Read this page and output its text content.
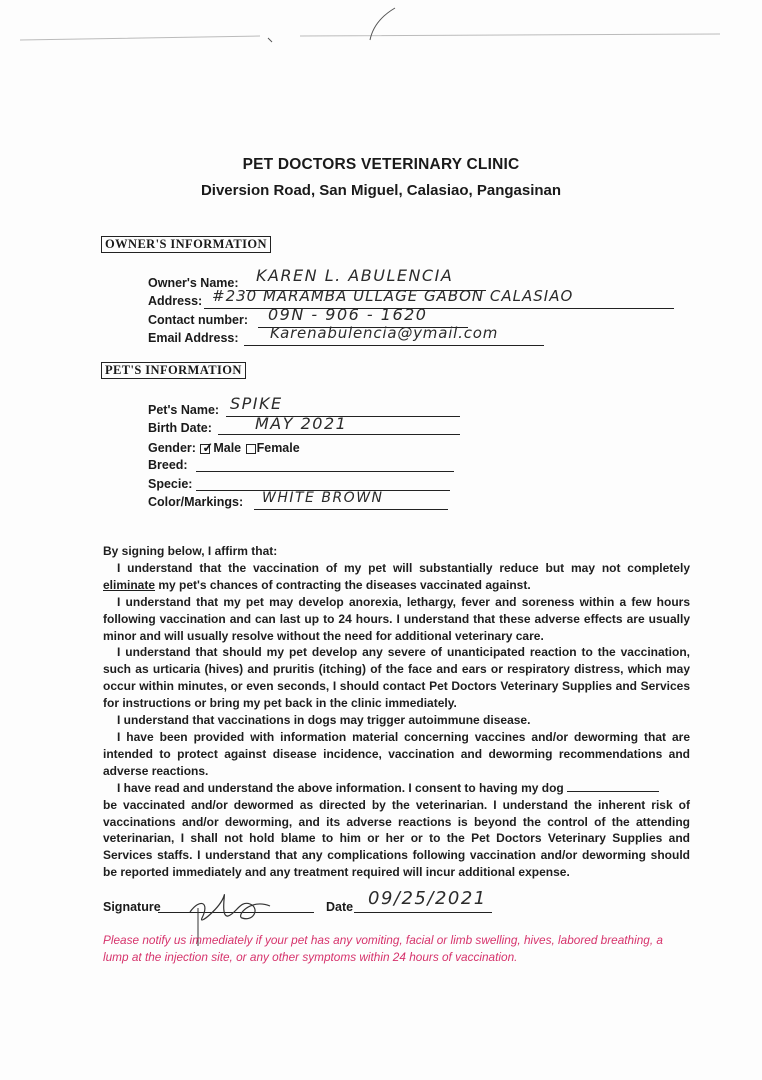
PET DOCTORS VETERINARY CLINIC
Diversion Road, San Miguel, Calasiao, Pangasinan
OWNER'S INFORMATION
Owner's Name: KAREN L. ABULENCIA
Address: #230 MARAMBA ULLAGE GABON CALASIAO
Contact number: 09N - 906 - 1620
Email Address: Karenabulencia@ymail.com
PET'S INFORMATION
Pet's Name: SPIKE
Birth Date:	MAY 2021
Gender: ✓Male Female
Breed:
Specie:
Color/Markings: WHITE BROWN

By signing below, I affirm that:

I understand that the vaccination of my pet will substantially reduce but may not completely eliminate my pet's chances of contracting the diseases vaccinated against.

I understand that my pet may develop anorexia, lethargy, fever and soreness within a few hours following vaccination and can last up to 24 hours. I understand that these adverse effects are usually minor and will usually resolve without the need for additional veterinary care.

I understand that should my pet develop any severe of unanticipated reaction to the vaccination, such as urticaria (hives) and pruritis (itching) of the face and ears or respiratory distress, which may occur within minutes, or even seconds, I should contact Pet Doctors Veterinary Supplies and Services for instructions or bring my pet back in the clinic immediately.

I understand that vaccinations in dogs may trigger autoimmune disease.

I have been provided with information material concerning vaccines and/or deworming that are intended to protect against disease incidence, vaccination and deworming recommendations and adverse reactions.

I have read and understand the above information. I consent to having my dog
be vaccinated and/or dewormed as directed by the veterinarian. I understand the inherent risk of vaccinations and/or deworming, and its adverse reactions is beyond the control of the attending veterinarian, I shall not hold blame to him or her or to the Pet Doctors Veterinary Supplies and Services staffs. I understand that any complications following vaccination and/or deworming should be reported immediately and any treatment required will incur additional expense.

Signature	Date 09/25/2021
Please notify us immediately if your pet has any vomiting, facial or limb swelling, hives, labored breathing, a lump at the injection site, or any other symptoms within 24 hours of vaccination.
